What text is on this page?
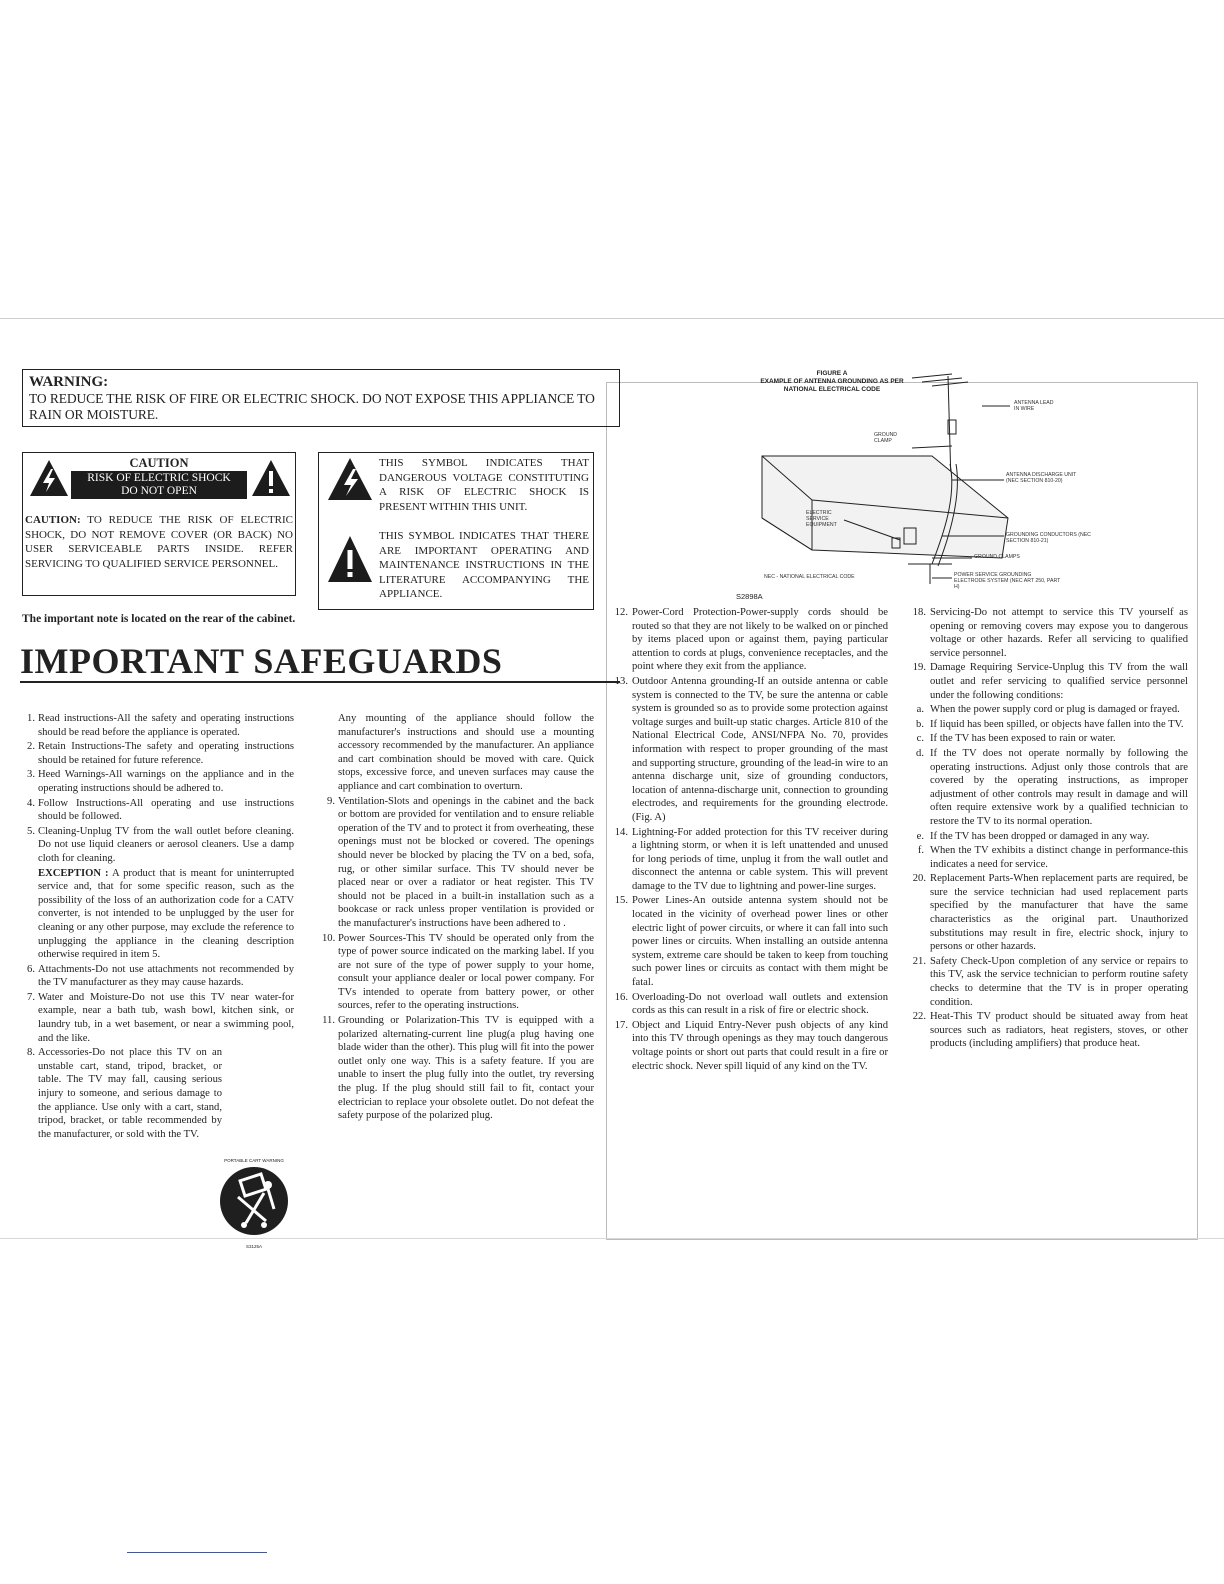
WARNING:
TO REDUCE THE RISK OF FIRE OR ELECTRIC SHOCK. DO NOT EXPOSE THIS APPLIANCE TO RAIN OR MOISTURE.
CAUTION
RISK OF ELECTRIC SHOCK
DO NOT OPEN
CAUTION: TO REDUCE THE RISK OF ELECTRIC SHOCK, DO NOT REMOVE COVER (OR BACK) NO USER SERVICEABLE PARTS INSIDE. REFER SERVICING TO QUALIFIED SERVICE PERSONNEL.
THIS SYMBOL INDICATES THAT DANGEROUS VOLTAGE CONSTITUTING A RISK OF ELECTRIC SHOCK IS PRESENT WITHIN THIS UNIT.
THIS SYMBOL INDICATES THAT THERE ARE IMPORTANT OPERATING AND MAINTENANCE INSTRUCTIONS IN THE LITERATURE ACCOMPANYING THE APPLIANCE.
The important note is located on the rear of the cabinet.
IMPORTANT SAFEGUARDS
1. Read instructions-All the safety and operating instructions should be read before the appliance is operated.
2. Retain Instructions-The safety and operating instructions should be retained for future reference.
3. Heed Warnings-All warnings on the appliance and in the operating instructions should be adhered to.
4. Follow Instructions-All operating and use instructions should be followed.
5. Cleaning-Unplug TV from the wall outlet before cleaning. Do not use liquid cleaners or aerosol cleaners. Use a damp cloth for cleaning.
EXCEPTION : A product that is meant for uninterrupted service and, that for some specific reason, such as the possibility of the loss of an authorization code for a CATV converter, is not intended to be unplugged by the user for cleaning or any other purpose, may exclude the reference to unplugging the appliance in the cleaning description otherwise required in item 5.
6. Attachments-Do not use attachments not recommended by the TV manufacturer as they may cause hazards.
7. Water and Moisture-Do not use this TV near water-for example, near a bath tub, wash bowl, kitchen sink, or laundry tub, in a wet basement, or near a swimming pool, and the like.
8. Accessories-Do not place this TV on an unstable cart, stand, tripod, bracket, or table. The TV may fall, causing serious injury to someone, and serious damage to the appliance. Use only with a cart, stand, tripod, bracket, or table recommended by the manufacturer, or sold with the TV.
PORTABLE CART WARNING
S3125A
Any mounting of the appliance should follow the manufacturer's instructions and should use a mounting accessory recommended by the manufacturer. An appliance and cart combination should be moved with care. Quick stops, excessive force, and uneven surfaces may cause the appliance and cart combination to overturn.
9. Ventilation-Slots and openings in the cabinet and the back or bottom are provided for ventilation and to ensure reliable operation of the TV and to protect it from overheating, these openings must not be blocked or covered. The openings should never be blocked by placing the TV on a bed, sofa, rug, or other similar surface. This TV should never be placed near or over a radiator or heat register. This TV should not be placed in a built-in installation such as a bookcase or rack unless proper ventilation is provided or the manufacturer's instructions have been adhered to .
10. Power Sources-This TV should be operated only from the type of power source indicated on the marking label. If you are not sure of the type of power supply to your home, consult your appliance dealer or local power company. For TVs intended to operate from battery power, or other sources, refer to the operating instructions.
11. Grounding or Polarization-This TV is equipped with a polarized alternating-current line plug(a plug having one blade wider than the other). This plug will fit into the power outlet only one way. This is a safety feature. If you are unable to insert the plug fully into the outlet, try reversing the plug. If the plug should still fail to fit, contact your electrician to replace your obsolete outlet. Do not defeat the safety purpose of the polarized plug.
FIGURE A
EXAMPLE OF ANTENNA GROUNDING AS PER
NATIONAL ELECTRICAL CODE
ANTENNA LEAD IN WIRE
GROUND CLAMP
ANTENNA DISCHARGE UNIT (NEC SECTION 810-20)
ELECTRIC SERVICE EQUIPMENT
GROUNDING CONDUCTORS (NEC SECTION 810-21)
GROUND CLAMPS
POWER SERVICE GROUNDING ELECTRODE SYSTEM (NEC ART 250, PART H)
NEC - NATIONAL ELECTRICAL CODE
S2898A
12. Power-Cord Protection-Power-supply cords should be routed so that they are not likely to be walked on or pinched by items placed upon or against them, paying particular attention to cords at plugs, convenience receptacles, and the point where they exit from the appliance.
13. Outdoor Antenna grounding-If an outside antenna or cable system is connected to the TV, be sure the antenna or cable system is grounded so as to provide some protection against voltage surges and built-up static charges. Article 810 of the National Electrical Code, ANSI/NFPA No. 70, provides information with respect to proper grounding of the mast and supporting structure, grounding of the lead-in wire to an antenna discharge unit, size of grounding conductors, location of antenna-discharge unit, connection to grounding electrodes, and requirements for the grounding electrode. (Fig. A)
14. Lightning-For added protection for this TV receiver during a lightning storm, or when it is left unattended and unused for long periods of time, unplug it from the wall outlet and disconnect the antenna or cable system. This will prevent damage to the TV due to lightning and power-line surges.
15. Power Lines-An outside antenna system should not be located in the vicinity of overhead power lines or other electric light of power circuits, or where it can fall into such power lines or circuits. When installing an outside antenna system, extreme care should be taken to keep from touching such power lines or circuits as contact with them might be fatal.
16. Overloading-Do not overload wall outlets and extension cords as this can result in a risk of fire or electric shock.
17. Object and Liquid Entry-Never push objects of any kind into this TV through openings as they may touch dangerous voltage points or short out parts that could result in a fire or electric shock. Never spill liquid of any kind on the TV.
18. Servicing-Do not attempt to service this TV yourself as opening or removing covers may expose you to dangerous voltage or other hazards. Refer all servicing to qualified service personnel.
19. Damage Requiring Service-Unplug this TV from the wall outlet and refer servicing to qualified service personnel under the following conditions:
a. When the power supply cord or plug is damaged or frayed.
b. If liquid has been spilled, or objects have fallen into the TV.
c. If the TV has been exposed to rain or water.
d. If the TV does not operate normally by following the operating instructions. Adjust only those controls that are covered by the operating instructions, as improper adjustment of other controls may result in damage and will often require extensive work by a qualified technician to restore the TV to its normal operation.
e. If the TV has been dropped or damaged in any way.
f. When the TV exhibits a distinct change in performance-this indicates a need for service.
20. Replacement Parts-When replacement parts are required, be sure the service technician had used replacement parts specified by the manufacturer that have the same characteristics as the original part. Unauthorized substitutions may result in fire, electric shock, injury to persons or other hazards.
21. Safety Check-Upon completion of any service or repairs to this TV, ask the service technician to perform routine safety checks to determine that the TV is in proper operating condition.
22. Heat-This TV product should be situated away from heat sources such as radiators, heat registers, stoves, or other products (including amplifiers) that produce heat.
